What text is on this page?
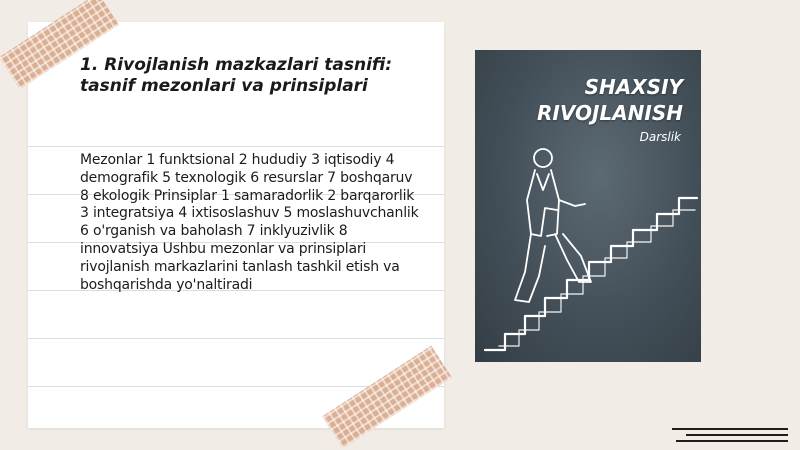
1. Rivojlanish mazkazlari tasnifi: tasnif mezonlari va prinsiplari
Mezonlar 1 funktsional 2 hududiy 3 iqtisodiy 4 demografik 5 texnologik 6 resurslar 7 boshqaruv 8 ekologik Prinsiplar 1 samaradorlik 2 barqarorlik 3 integratsiya 4 ixtisoslashuv 5 moslashuvchanlik 6 o'rganish va baholash 7 inklyuzivlik 8 innovatsiya Ushbu mezonlar va prinsiplari rivojlanish markazlarini tanlash tashkil etish va boshqarishda yo'naltiradi
SHAXSIY
RIVOJLANISH
Darslik
